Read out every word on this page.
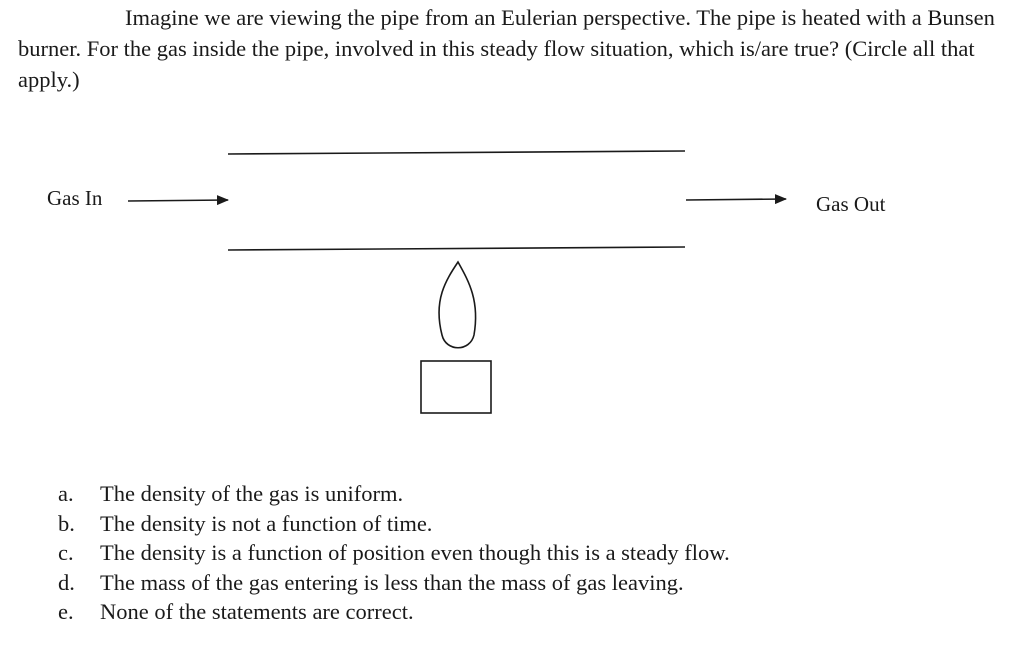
Imagine we are viewing the pipe from an Eulerian perspective. The pipe is heated with a Bunsen burner. For the gas inside the pipe, involved in this steady flow situation, which is/are true? (Circle all that apply.)

Gas In	Gas Out
a.	The density of the gas is uniform.
b.	The density is not a function of time.
c.	The density is a function of position even though this is a steady flow.
d.	The mass of the gas entering is less than the mass of gas leaving.
e.	None of the statements are correct.
